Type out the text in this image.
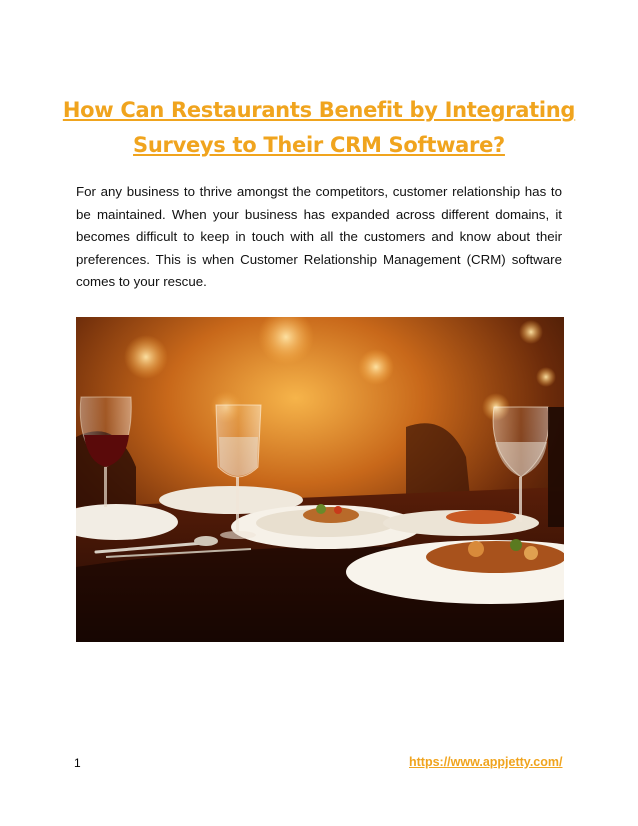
How Can Restaurants Benefit by Integrating
Surveys to Their CRM Software?

For any business to thrive amongst the competitors, customer relationship has to be maintained. When your business has expanded across different domains, it becomes difficult to keep in touch with all the customers and know about their preferences. This is when Customer Relationship Management (CRM) software comes to your rescue.

1	https://www.appjetty.com/
